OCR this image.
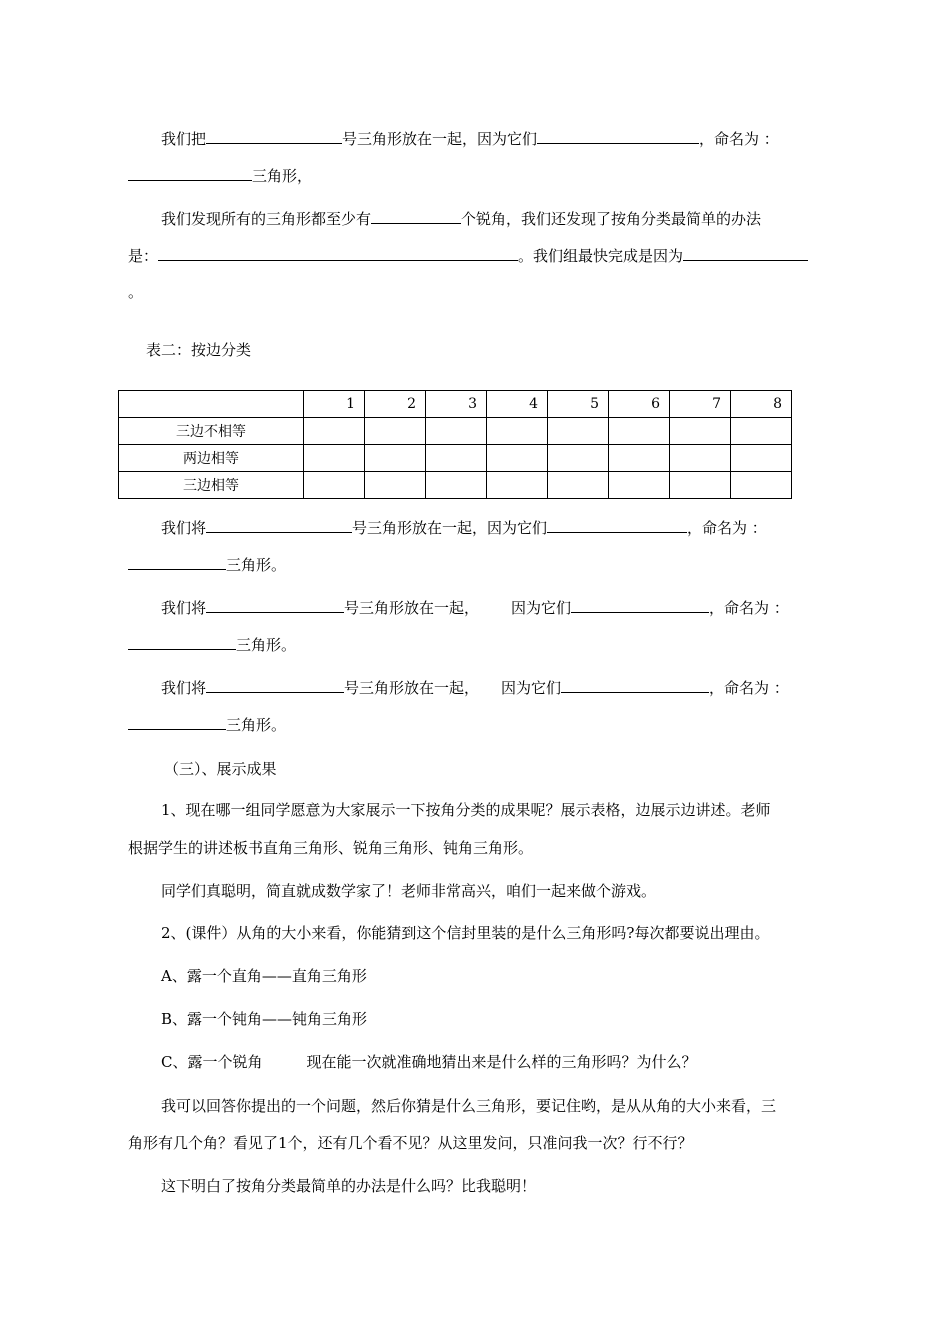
我们把	号三角形放在一起，因为它们	，命名为 ：
三角形，
我们发现所有的三角形都至少有	个锐角，我们还发现了按角分类最简单的办法
是：	。我们组最快完成是因为
。
表二：按边分类
	1	2	3	4	5	6	7	8
三边不相等								
两边相等								
三边相等								
我们将	号三角形放在一起，因为它们	，命名为 ：
三角形。
我们将	号三角形放在一起， 因为它们	，命名为 ：
三角形。
我们将	号三角形放在一起， 因为它们	，命名为 ：
三角形。
（三）、展示成果
1、现在哪一组同学愿意为大家展示一下按角分类的成果呢？展示表格，边展示边讲述。老师
根据学生的讲述板书直角三角形、锐角三角形、钝角三角形。
同学们真聪明，简直就成数学家了！老师非常高兴，咱们一起来做个游戏。
2、(课件）从角的大小来看，你能猜到这个信封里装的是什么三角形吗?每次都要说出理由。
A、露一个直角——直角三角形
B、露一个钝角——钝角三角形
C、露一个锐角	现在能一次就准确地猜出来是什么样的三角形吗？为什么？
我可以回答你提出的一个问题，然后你猜是什么三角形，要记住哟，是从从角的大小来看，三
角形有几个角？看见了1个，还有几个看不见？从这里发问，只准问我一次？行不行？
这下明白了按角分类最简单的办法是什么吗？比我聪明！
